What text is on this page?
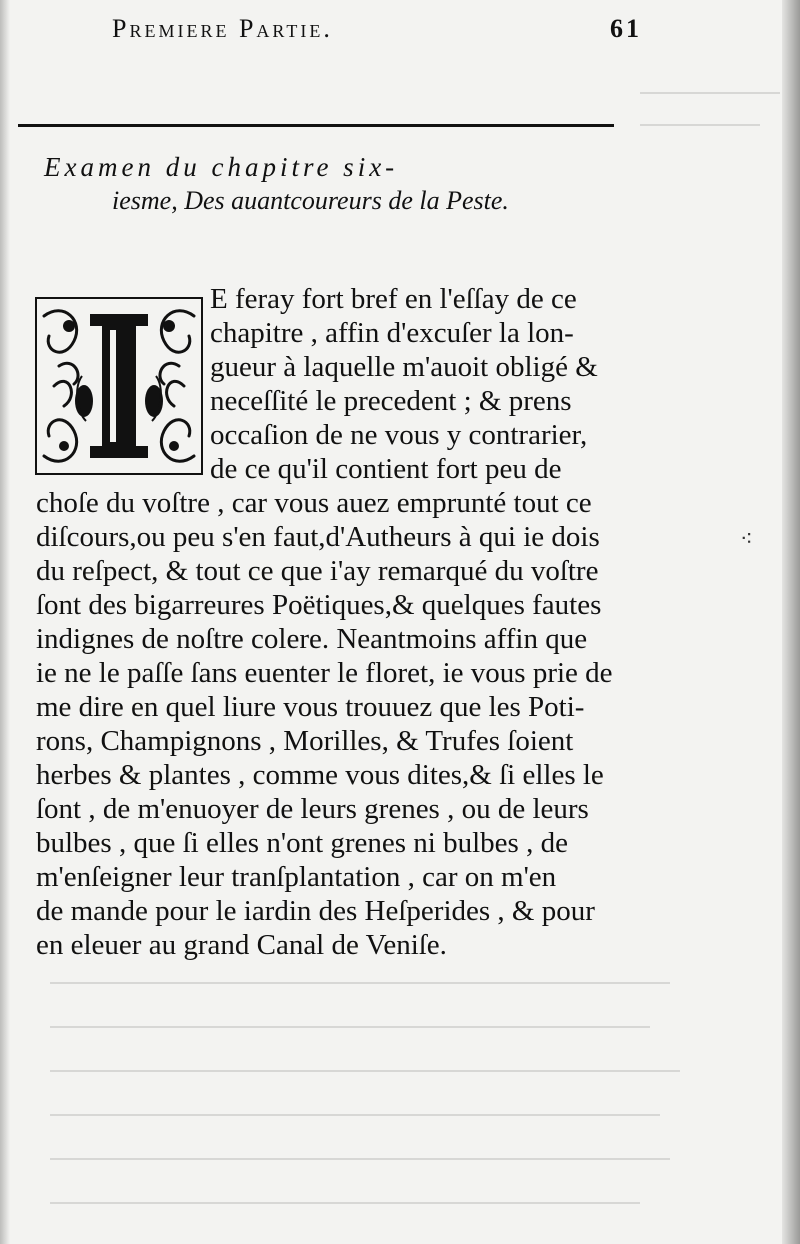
Premiere Partie.	61
Examen du chapitre six-
iesme, Des auantcoureurs de la Peste.
⁖
E feray fort bref en l'eſſay de ce
chapitre , affin d'excuſer la lon-
gueur à laquelle m'auoit obligé &
neceſſité le precedent ; & prens
occaſion de ne vous y contrarier,
de ce qu'il contient fort peu de
choſe du voſtre , car vous auez emprunté tout ce
diſcours,ou peu s'en faut,d'Autheurs à qui ie dois
du reſpect, & tout ce que i'ay remarqué du voſtre
ſont des bigarreures Poëtiques,& quelques fautes
indignes de noſtre colere. Neantmoins affin que
ie ne le paſſe ſans euenter le floret, ie vous prie de
me dire en quel liure vous trouuez que les Poti-
rons, Champignons , Morilles, & Trufes ſoient
herbes & plantes , comme vous dites,& ſi elles le
ſont , de m'enuoyer de leurs grenes , ou de leurs
bulbes , que ſi elles n'ont grenes ni bulbes , de
m'enſeigner leur tranſplantation , car on m'en
de mande pour le iardin des Heſperides , & pour
en eleuer au grand Canal de Veniſe.
